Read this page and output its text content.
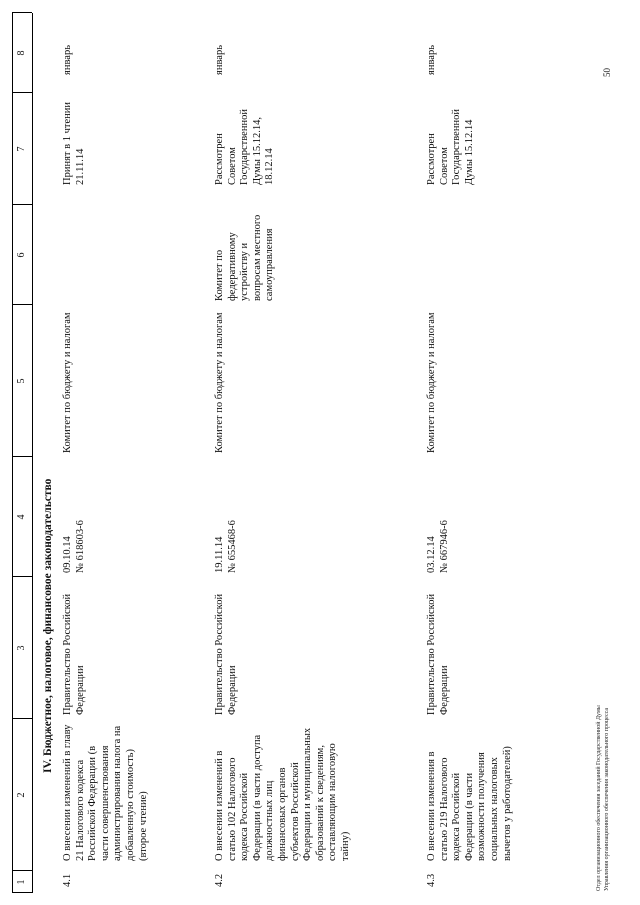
1
2
3
4
5
6
7
8
IV. Бюджетное, налоговое, финансовое законодательство
4.1
О внесении изменений в главу 21 Налогового кодекса Российской Федерации (в части совершенствования администрирования налога на добавленную стоимость) (второе чтение)
Правительство Российской Федерации
09.10.14
№ 618603-6
Комитет по бюджету и налогам
Принят в 1 чтении
21.11.14
январь
4.2
О внесении изменений в статью 102 Налогового кодекса Российской Федерации (в части доступа должностных лиц финансовых органов субъектов Российской Федерации и муниципальных образований к сведениям, составляющим налоговую тайну)
Правительство Российской Федерации
19.11.14
№ 655468-6
Комитет по бюджету и налогам
Комитет по федеративному устройству и вопросам местного самоуправления
Рассмотрен Советом Государственной Думы 15.12.14, 18.12.14
январь
4.3
О внесении изменения в статью 219 Налогового кодекса Российской Федерации (в части возможности получения социальных налоговых вычетов у работодателей)
Правительство Российской Федерации
03.12.14
№ 667946-6
Комитет по бюджету и налогам
Рассмотрен Советом Государственной Думы 15.12.14
январь
Отдел организационного обеспечения заседаний Государственной Думы Управления организационного обеспечения законодательного процесса
50
